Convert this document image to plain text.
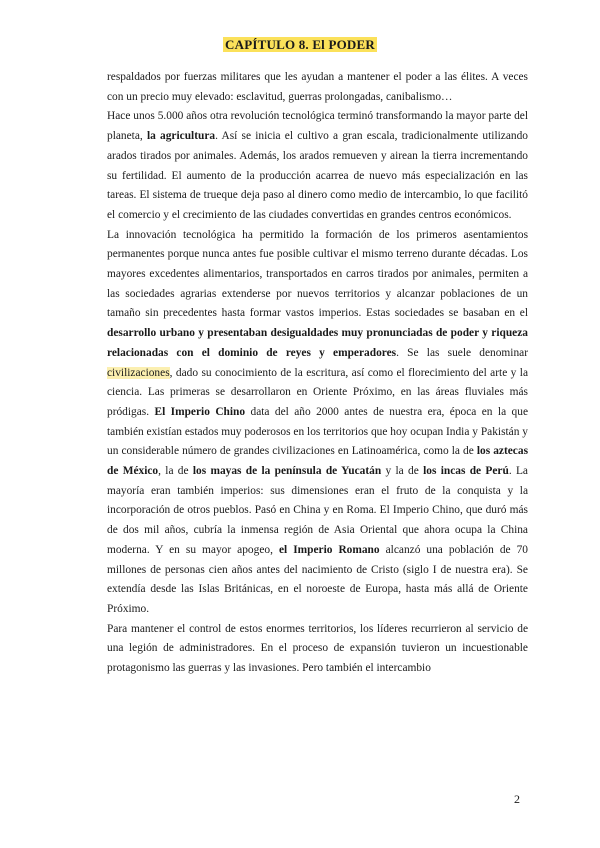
CAPÍTULO 8. El PODER

respaldados por fuerzas militares que les ayudan a mantener el poder a las élites. A veces con un precio muy elevado: esclavitud, guerras prolongadas, canibalismo…

Hace unos 5.000 años otra revolución tecnológica terminó transformando la mayor parte del planeta, la agricultura. Así se inicia el cultivo a gran escala, tradicionalmente utilizando arados tirados por animales. Además, los arados remueven y airean la tierra incrementando su fertilidad. El aumento de la producción acarrea de nuevo más especialización en las tareas. El sistema de trueque deja paso al dinero como medio de intercambio, lo que facilitó el comercio y el crecimiento de las ciudades convertidas en grandes centros económicos.

La innovación tecnológica ha permitido la formación de los primeros asentamientos permanentes porque nunca antes fue posible cultivar el mismo terreno durante décadas. Los mayores excedentes alimentarios, transportados en carros tirados por animales, permiten a las sociedades agrarias extenderse por nuevos territorios y alcanzar poblaciones de un tamaño sin precedentes hasta formar vastos imperios. Estas sociedades se basaban en el desarrollo urbano y presentaban desigualdades muy pronunciadas de poder y riqueza relacionadas con el dominio de reyes y emperadores. Se las suele denominar civilizaciones, dado su conocimiento de la escritura, así como el florecimiento del arte y la ciencia. Las primeras se desarrollaron en Oriente Próximo, en las áreas fluviales más pródigas. El Imperio Chino data del año 2000 antes de nuestra era, época en la que también existían estados muy poderosos en los territorios que hoy ocupan India y Pakistán y un considerable número de grandes civilizaciones en Latinoamérica, como la de los aztecas de México, la de los mayas de la península de Yucatán y la de los incas de Perú. La mayoría eran también imperios: sus dimensiones eran el fruto de la conquista y la incorporación de otros pueblos. Pasó en China y en Roma. El Imperio Chino, que duró más de dos mil años, cubría la inmensa región de Asia Oriental que ahora ocupa la China moderna. Y en su mayor apogeo, el Imperio Romano alcanzó una población de 70 millones de personas cien años antes del nacimiento de Cristo (siglo I de nuestra era). Se extendía desde las Islas Británicas, en el noroeste de Europa, hasta más allá de Oriente Próximo.

Para mantener el control de estos enormes territorios, los líderes recurrieron al servicio de una legión de administradores. En el proceso de expansión tuvieron un incuestionable protagonismo las guerras y las invasiones. Pero también el intercambio

2
